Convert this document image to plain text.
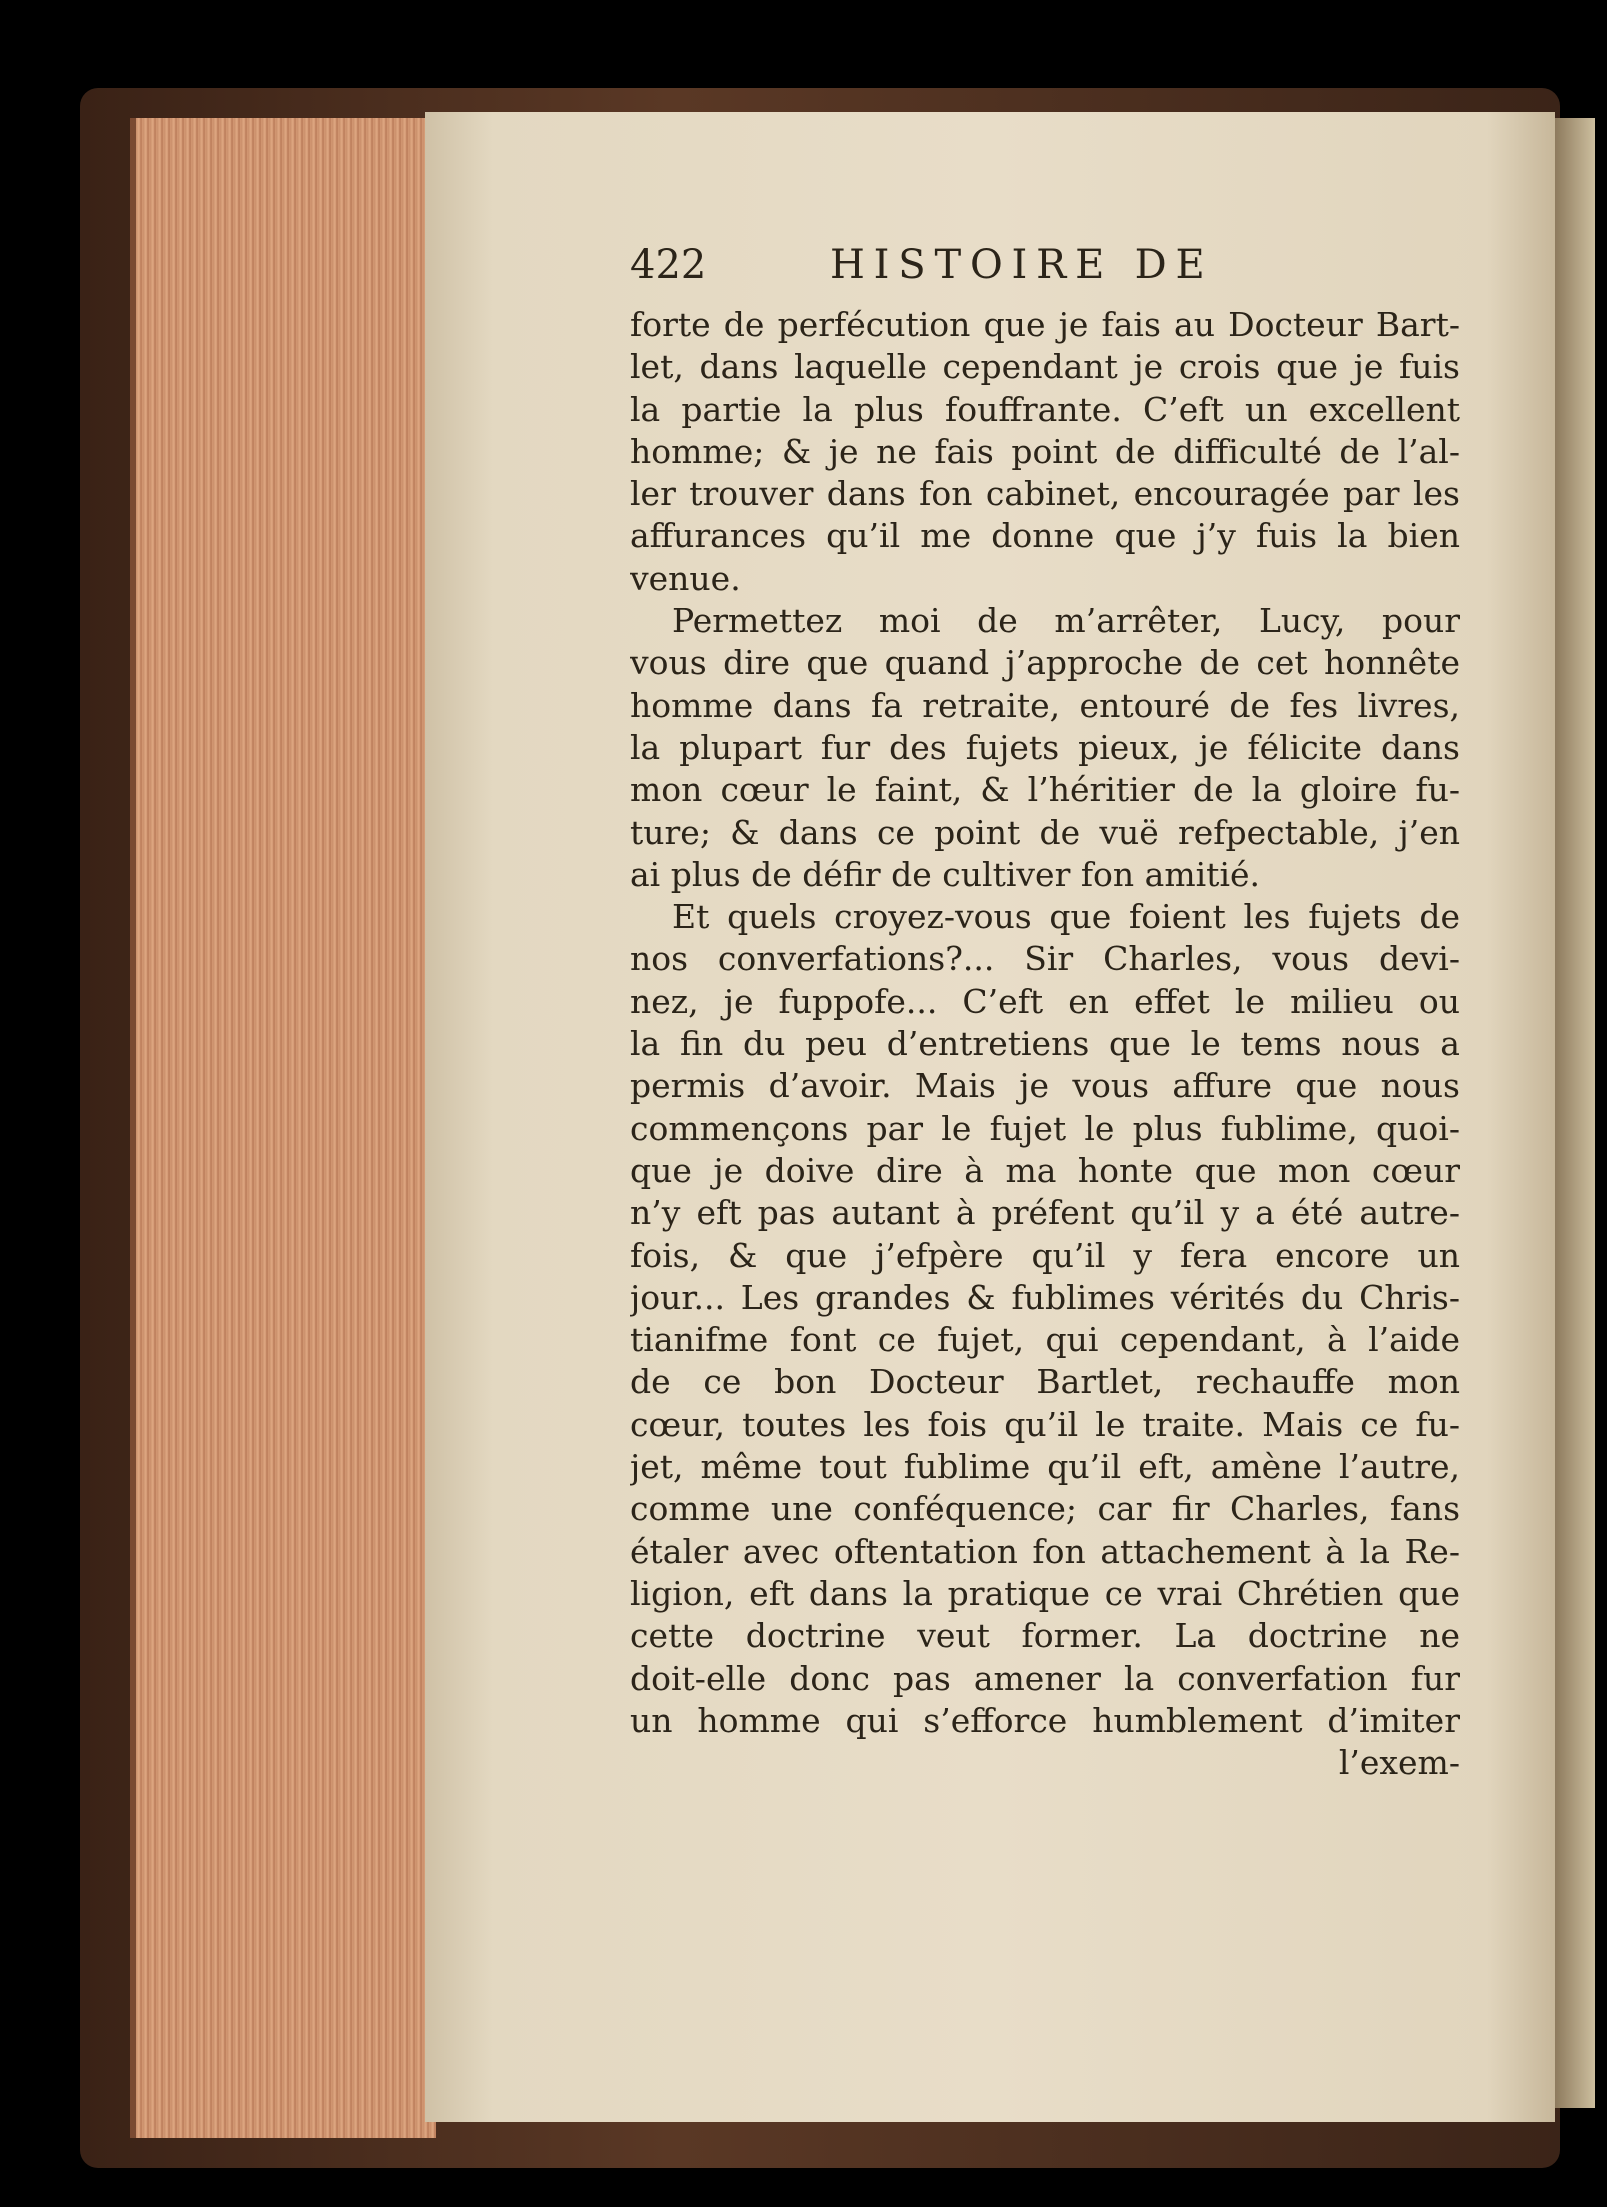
422	HISTOIRE DE
forte de perfécution que je fais au Docteur Bart-
let, dans laquelle cependant je crois que je fuis
la partie la plus fouffrante. C’eft un excellent
homme; & je ne fais point de difficulté de l’al-
ler trouver dans fon cabinet, encouragée par les
affurances qu’il me donne que j’y fuis la bien
venue.
Permettez moi de m’arrêter, Lucy, pour
vous dire que quand j’approche de cet honnête
homme dans fa retraite, entouré de fes livres,
la plupart fur des fujets pieux, je félicite dans
mon cœur le faint, & l’héritier de la gloire fu-
ture; & dans ce point de vuë refpectable, j’en
ai plus de défir de cultiver fon amitié.
Et quels croyez-vous que foient les fujets de
nos converfations?... Sir Charles, vous devi-
nez, je fuppofe... C’eft en effet le milieu ou
la fin du peu d’entretiens que le tems nous a
permis d’avoir. Mais je vous affure que nous
commençons par le fujet le plus fublime, quoi-
que je doive dire à ma honte que mon cœur
n’y eft pas autant à préfent qu’il y a été autre-
fois, & que j’efpère qu’il y fera encore un
jour... Les grandes & fublimes vérités du Chris-
tianifme font ce fujet, qui cependant, à l’aide
de ce bon Docteur Bartlet, rechauffe mon
cœur, toutes les fois qu’il le traite. Mais ce fu-
jet, même tout fublime qu’il eft, amène l’autre,
comme une conféquence; car fir Charles, fans
étaler avec oftentation fon attachement à la Re-
ligion, eft dans la pratique ce vrai Chrétien que
cette doctrine veut former. La doctrine ne
doit-elle donc pas amener la converfation fur
un homme qui s’efforce humblement d’imiter
l’exem-
